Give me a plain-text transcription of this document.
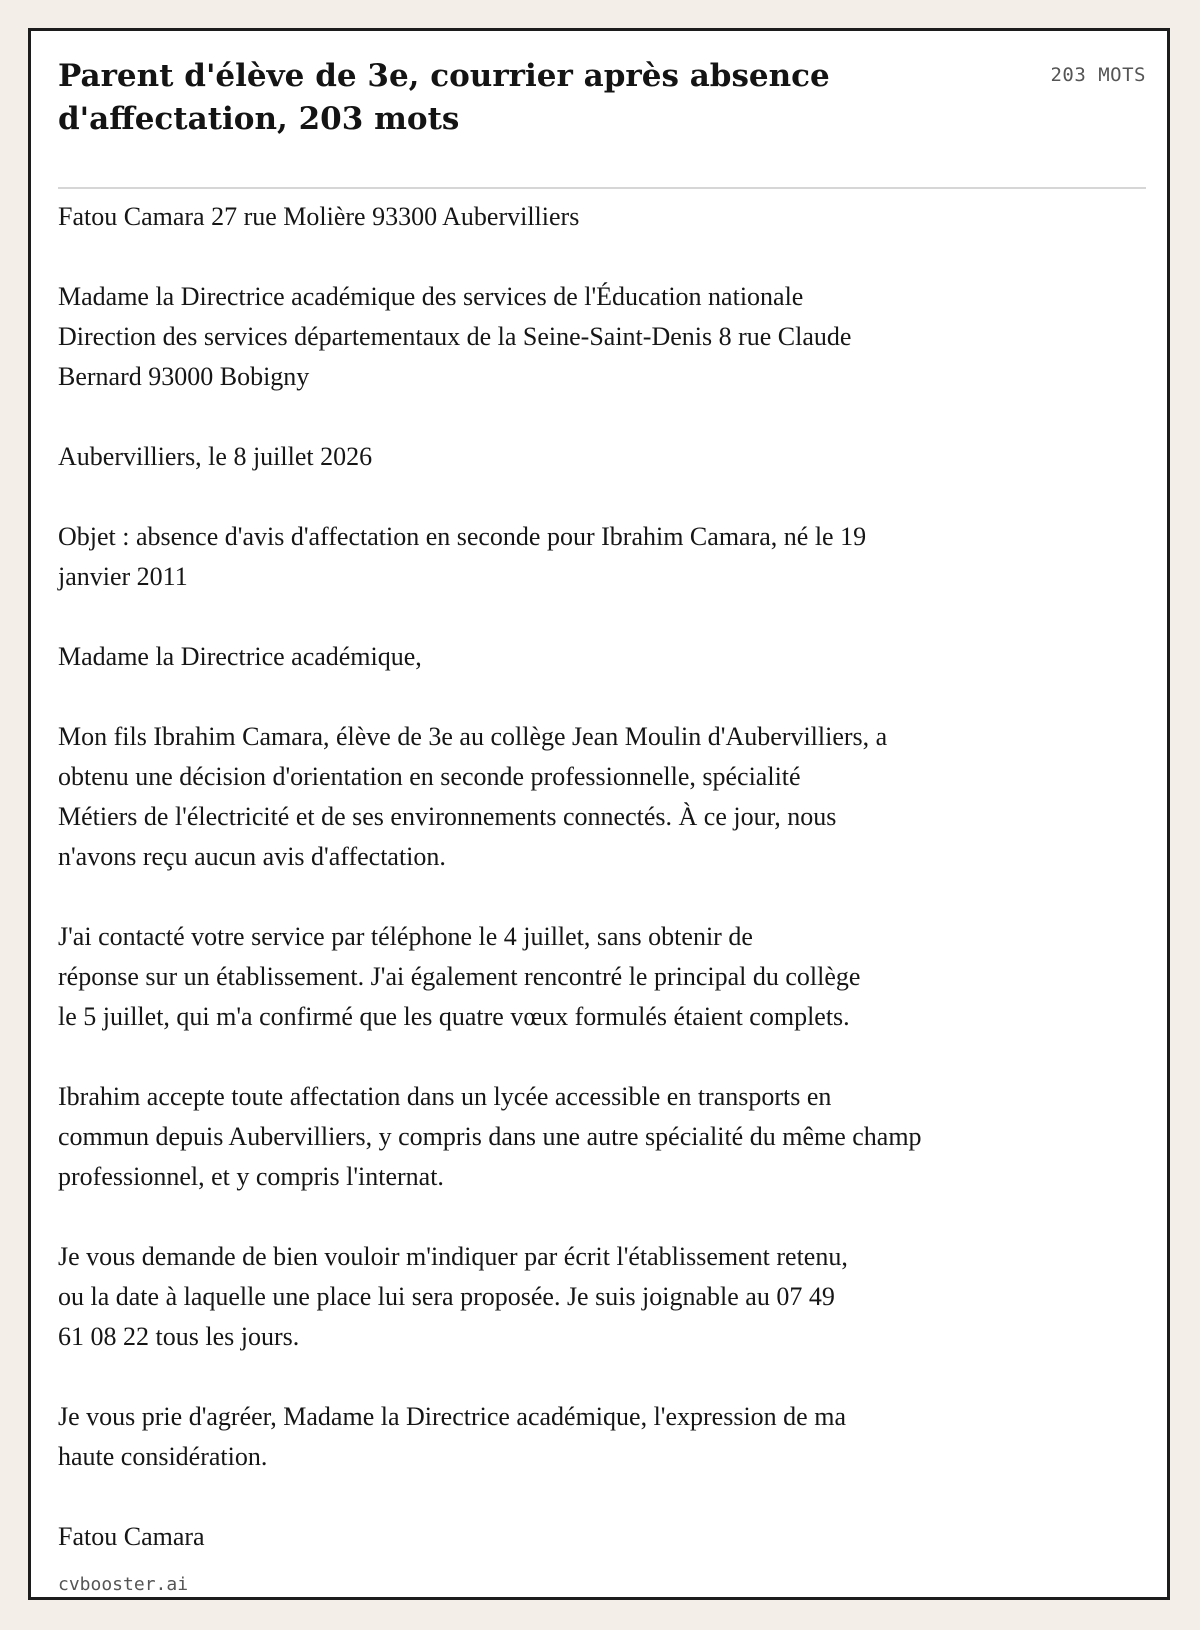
Parent d'élève de 3e, courrier après absence d'affectation, 203 mots
203 MOTS

Fatou Camara 27 rue Molière 93300 Aubervilliers

Madame la Directrice académique des services de l'Éducation nationale
Direction des services départementaux de la Seine-Saint-Denis 8 rue Claude
Bernard 93000 Bobigny

Aubervilliers, le 8 juillet 2026

Objet : absence d'avis d'affectation en seconde pour Ibrahim Camara, né le 19
janvier 2011

Madame la Directrice académique,

Mon fils Ibrahim Camara, élève de 3e au collège Jean Moulin d'Aubervilliers, a
obtenu une décision d'orientation en seconde professionnelle, spécialité
Métiers de l'électricité et de ses environnements connectés. À ce jour, nous
n'avons reçu aucun avis d'affectation.

J'ai contacté votre service par téléphone le 4 juillet, sans obtenir de
réponse sur un établissement. J'ai également rencontré le principal du collège
le 5 juillet, qui m'a confirmé que les quatre vœux formulés étaient complets.

Ibrahim accepte toute affectation dans un lycée accessible en transports en
commun depuis Aubervilliers, y compris dans une autre spécialité du même champ
professionnel, et y compris l'internat.

Je vous demande de bien vouloir m'indiquer par écrit l'établissement retenu,
ou la date à laquelle une place lui sera proposée. Je suis joignable au 07 49
61 08 22 tous les jours.

Je vous prie d'agréer, Madame la Directrice académique, l'expression de ma
haute considération.

Fatou Camara

cvbooster.ai
